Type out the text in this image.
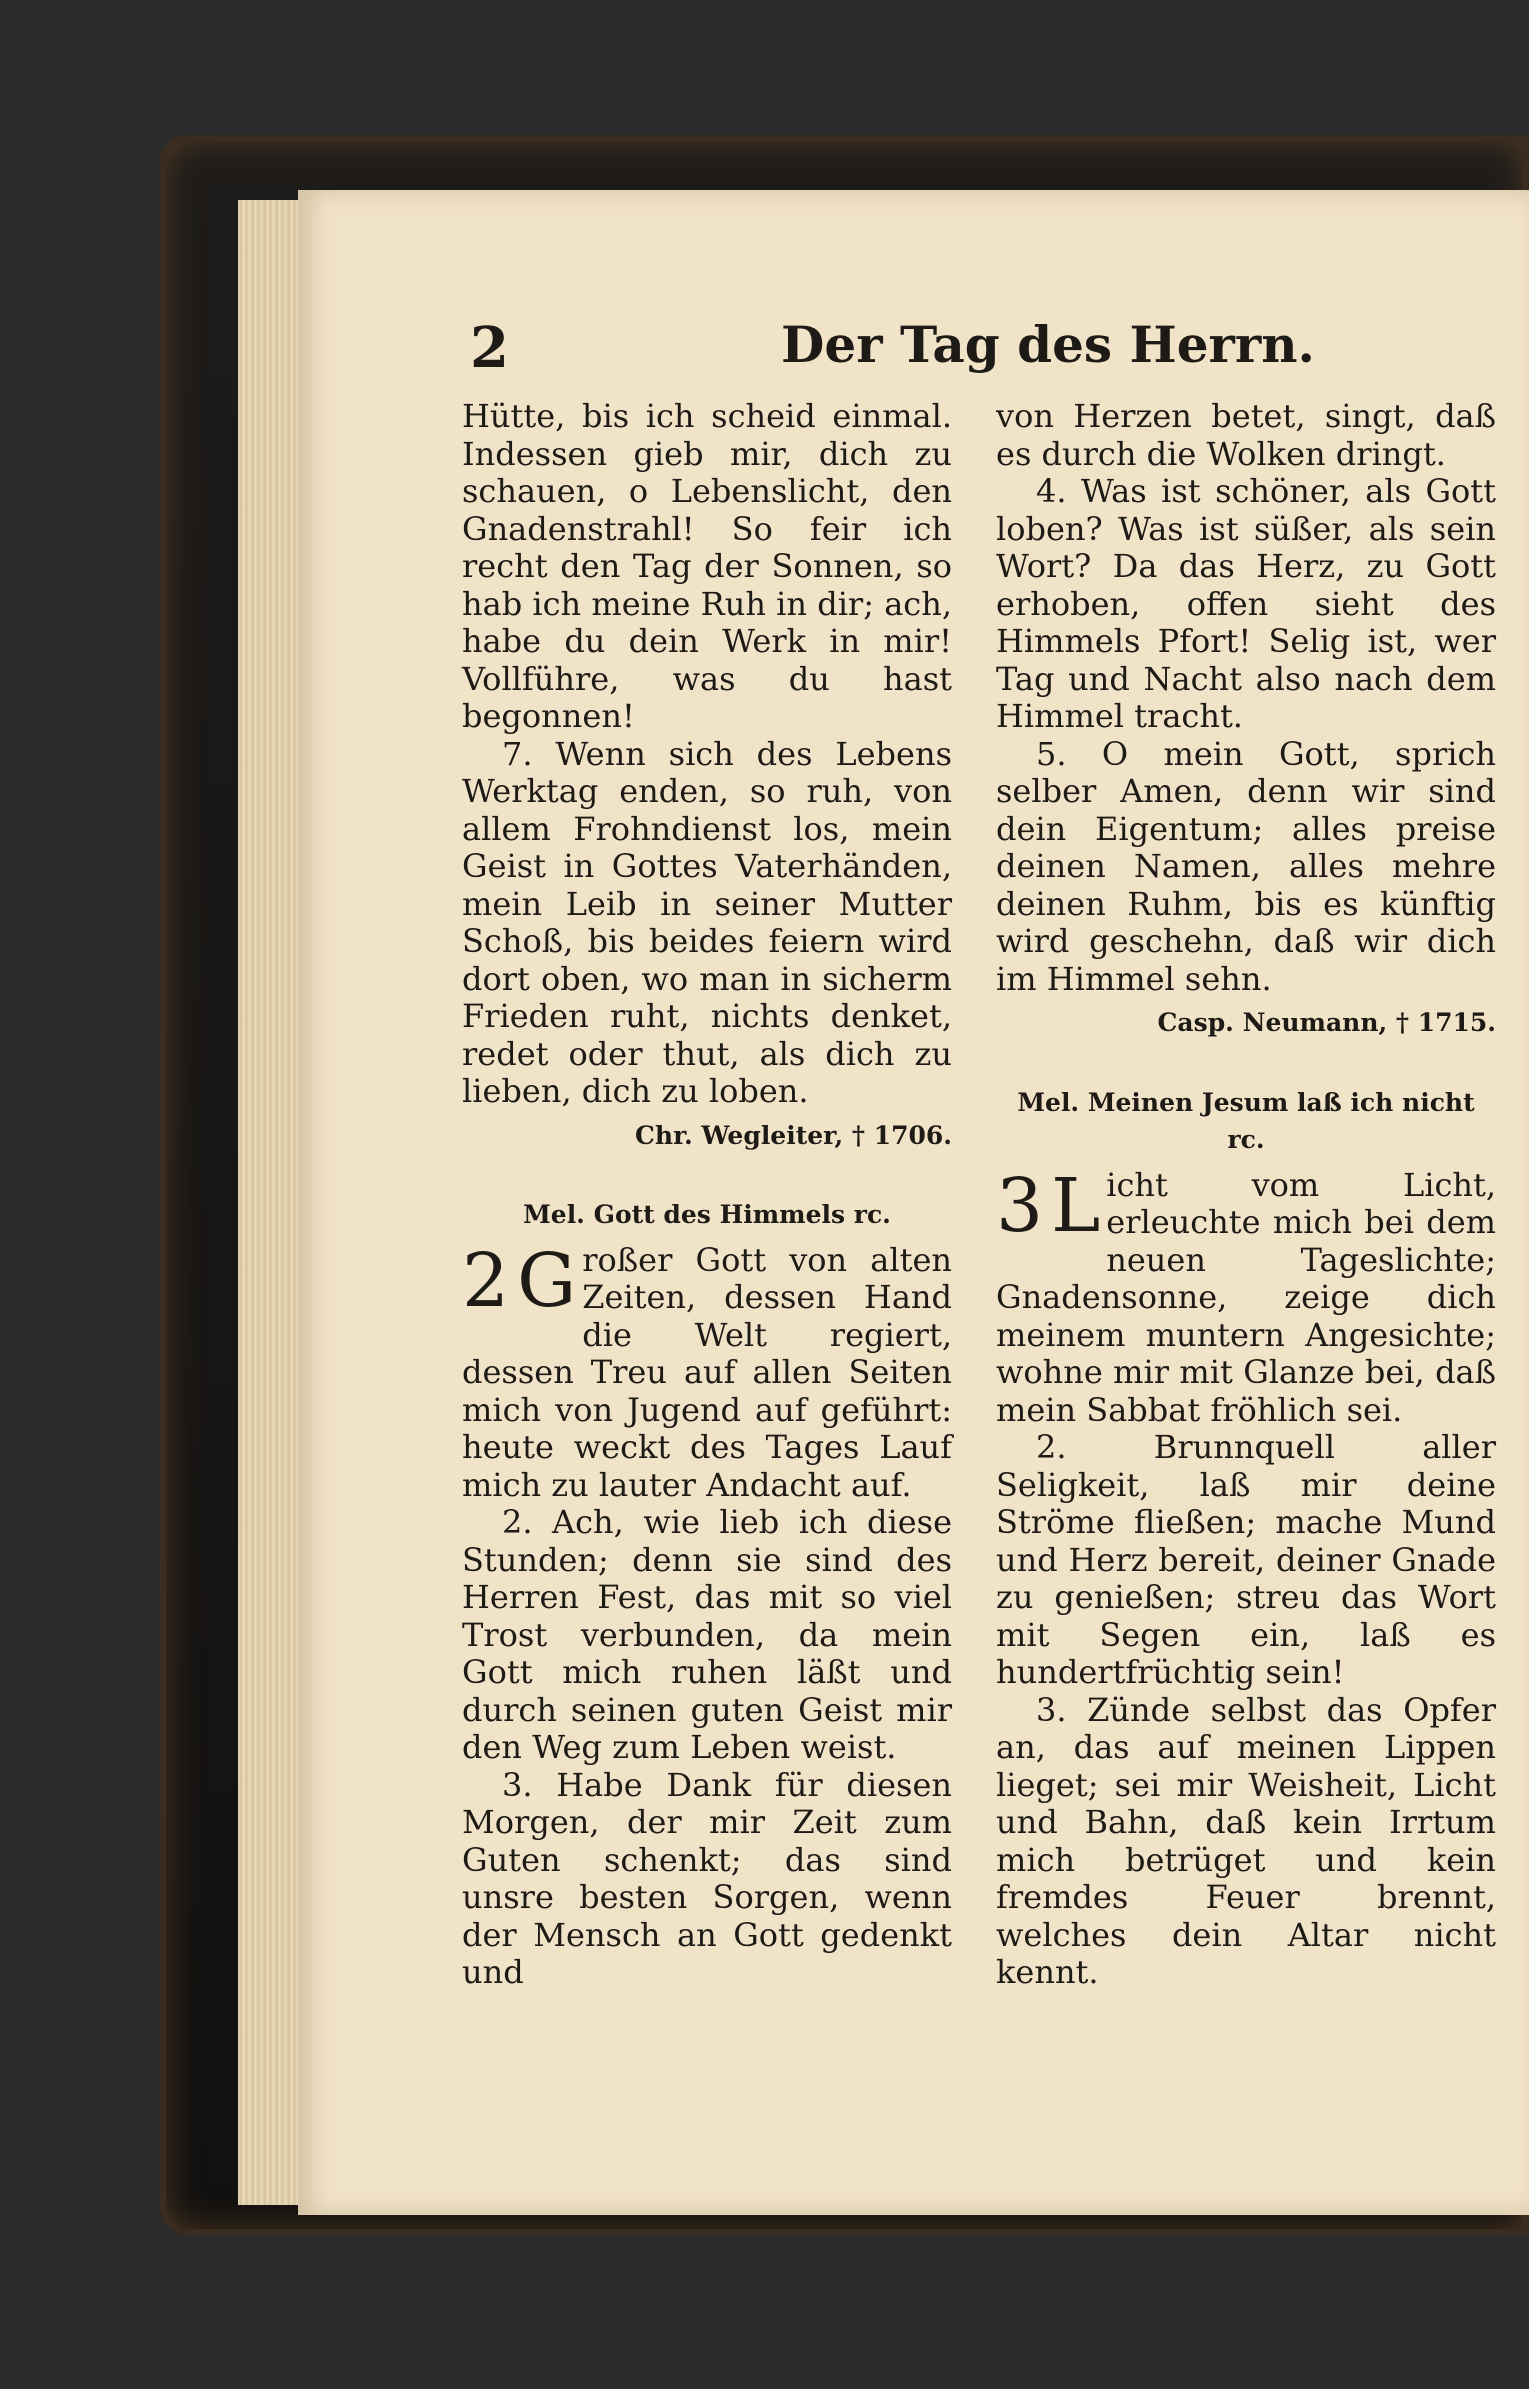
2	Der Tag des Herrn.

Hütte, bis ich scheid einmal. Indessen gieb mir, dich zu schauen, o Lebenslicht, den Gnadenstrahl! So feir ich recht den Tag der Sonnen, so hab ich meine Ruh in dir; ach, habe du dein Werk in mir! Vollführe, was du hast begonnen!

7. Wenn sich des Lebens Werktag enden, so ruh, von allem Frohndienst los, mein Geist in Gottes Vaterhänden, mein Leib in seiner Mutter Schoß, bis beides feiern wird dort oben, wo man in sicherm Frieden ruht, nichts denket, redet oder thut, als dich zu lieben, dich zu loben.

Chr. Wegleiter, † 1706.

Mel. Gott des Himmels rc.

2 G roßer Gott von alten Zeiten, dessen Hand die Welt regiert, dessen Treu auf allen Seiten mich von Jugend auf geführt: heute weckt des Tages Lauf mich zu lauter Andacht auf.

2. Ach, wie lieb ich diese Stunden; denn sie sind des Herren Fest, das mit so viel Trost verbunden, da mein Gott mich ruhen läßt und durch seinen guten Geist mir den Weg zum Leben weist.

3. Habe Dank für diesen Morgen, der mir Zeit zum Guten schenkt; das sind unsre besten Sorgen, wenn der Mensch an Gott gedenkt und

von Herzen betet, singt, daß es durch die Wolken dringt.

4. Was ist schöner, als Gott loben? Was ist süßer, als sein Wort? Da das Herz, zu Gott erhoben, offen sieht des Himmels Pfort! Selig ist, wer Tag und Nacht also nach dem Himmel tracht.

5. O mein Gott, sprich selber Amen, denn wir sind dein Eigentum; alles preise deinen Namen, alles mehre deinen Ruhm, bis es künftig wird geschehn, daß wir dich im Himmel sehn.

Casp. Neumann, † 1715.

Mel. Meinen Jesum laß ich nicht rc.

3 L icht vom Licht, erleuchte mich bei dem neuen Tageslichte; Gnadensonne, zeige dich meinem muntern Angesichte; wohne mir mit Glanze bei, daß mein Sabbat fröhlich sei.

2. Brunnquell aller Seligkeit, laß mir deine Ströme fließen; mache Mund und Herz bereit, deiner Gnade zu genießen; streu das Wort mit Segen ein, laß es hundertfrüchtig sein!

3. Zünde selbst das Opfer an, das auf meinen Lippen lieget; sei mir Weisheit, Licht und Bahn, daß kein Irrtum mich betrüget und kein fremdes Feuer brennt, welches dein Altar nicht kennt.
